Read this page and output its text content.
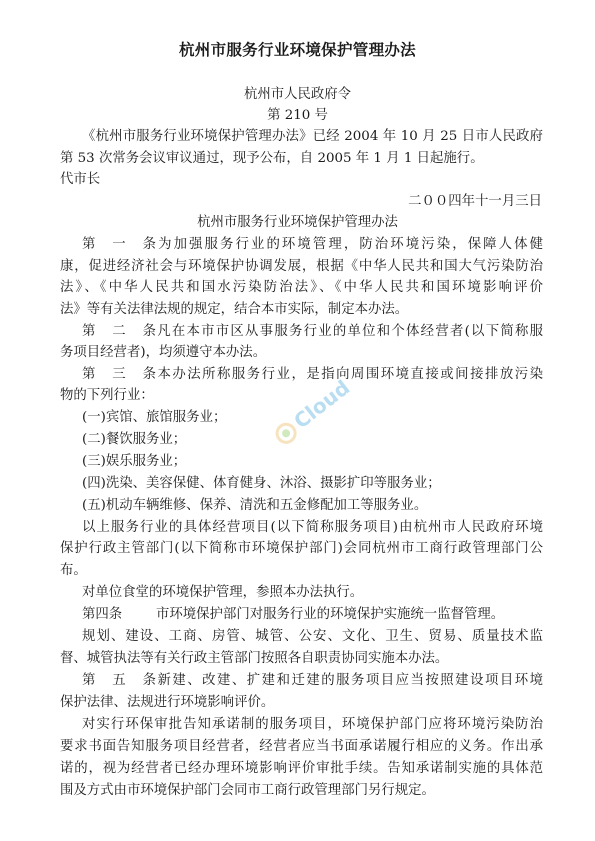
杭州市服务行业环境保护管理办法
杭州市人民政府令
第 210 号
《杭州市服务行业环境保护管理办法》已经 2004 年 10 月 25 日市人民政府
第 53 次常务会议审议通过，现予公布，自 2005 年 1 月 1 日起施行。
代市长
二００四年十一月三日
杭州市服务行业环境保护管理办法
第一条为加强服务行业的环境管理，防治环境污染，保障人体健
康，促进经济社会与环境保护协调发展，根据《中华人民共和国大气污染防治
法》、《中华人民共和国水污染防治法》、《中华人民共和国环境影响评价
法》等有关法律法规的规定，结合本市实际，制定本办法。
第二条凡在本市市区从事服务行业的单位和个体经营者(以下简称服
务项目经营者)，均须遵守本办法。
第三条本办法所称服务行业，是指向周围环境直接或间接排放污染
物的下列行业：
(一)宾馆、旅馆服务业；
(二)餐饮服务业；
(三)娱乐服务业；
(四)洗染、美容保健、体育健身、沐浴、摄影扩印等服务业；
(五)机动车辆维修、保养、清洗和五金修配加工等服务业。
以上服务行业的具体经营项目(以下简称服务项目)由杭州市人民政府环境
保护行政主管部门(以下简称市环境保护部门)会同杭州市工商行政管理部门公
布。
对单位食堂的环境保护管理，参照本办法执行。
第四条	市环境保护部门对服务行业的环境保护实施统一监督管理。
规划、建设、工商、房管、城管、公安、文化、卫生、贸易、质量技术监
督、城管执法等有关行政主管部门按照各自职责协同实施本办法。
第五条新建、改建、扩建和迁建的服务项目应当按照建设项目环境
保护法律、法规进行环境影响评价。
对实行环保审批告知承诺制的服务项目，环境保护部门应将环境污染防治
要求书面告知服务项目经营者，经营者应当书面承诺履行相应的义务。作出承
诺的，视为经营者已经办理环境影响评价审批手续。告知承诺制实施的具体范
围及方式由市环境保护部门会同市工商行政管理部门另行规定。
Cloud
